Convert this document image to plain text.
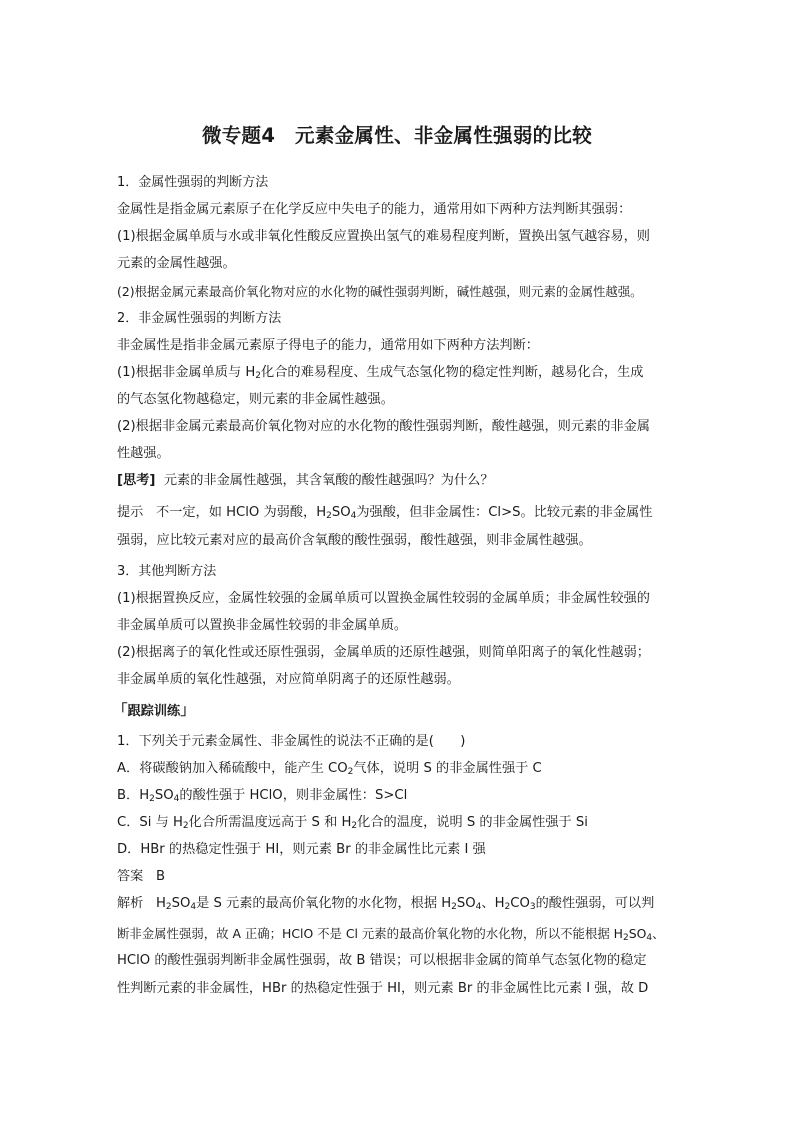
微专题4　元素金属性、非金属性强弱的比较
1．金属性强弱的判断方法
金属性是指金属元素原子在化学反应中失电子的能力，通常用如下两种方法判断其强弱：
(1)根据金属单质与水或非氧化性酸反应置换出氢气的难易程度判断，置换出氢气越容易，则
元素的金属性越强。
(2)根据金属元素最高价氧化物对应的水化物的碱性强弱判断，碱性越强，则元素的金属性越强。
2．非金属性强弱的判断方法
非金属性是指非金属元素原子得电子的能力，通常用如下两种方法判断：
(1)根据非金属单质与 $H_2$化合的难易程度、生成气态氢化物的稳定性判断，越易化合，生成
的气态氢化物越稳定，则元素的非金属性越强。
(2)根据非金属元素最高价氧化物对应的水化物的酸性强弱判断，酸性越强，则元素的非金属
性越强。
[思考] 元素的非金属性越强，其含氧酸的酸性越强吗？为什么？
提示 不一定，如 HClO 为弱酸，$H_2SO_4$为强酸，但非金属性：Cl>S。比较元素的非金属性
强弱，应比较元素对应的最高价含氧酸的酸性强弱，酸性越强，则非金属性越强。
3．其他判断方法
(1)根据置换反应，金属性较强的金属单质可以置换金属性较弱的金属单质；非金属性较强的
非金属单质可以置换非金属性较弱的非金属单质。
(2)根据离子的氧化性或还原性强弱，金属单质的还原性越强，则简单阳离子的氧化性越弱；
非金属单质的氧化性越强，对应简单阴离子的还原性越弱。
「跟踪训练」
1．下列关于元素金属性、非金属性的说法不正确的是(　　)
A．将碳酸钠加入稀硫酸中，能产生 $CO_2$气体，说明 S 的非金属性强于 C
B．$H_2SO_4$的酸性强于 HClO，则非金属性：S>Cl
C．Si 与 $H_2$化合所需温度远高于 S 和 $H_2$化合的温度，说明 S 的非金属性强于 Si
D．HBr 的热稳定性强于 HI，则元素 Br 的非金属性比元素 I 强
答案 B
解析 $H_2SO_4$是 S 元素的最高价氧化物的水化物，根据 $H_2SO_4$、$H_2CO_3$的酸性强弱，可以判
断非金属性强弱，故 A 正确；HClO 不是 Cl 元素的最高价氧化物的水化物，所以不能根据 $H_2SO_4$、
HClO 的酸性强弱判断非金属性强弱，故 B 错误；可以根据非金属的简单气态氢化物的稳定
性判断元素的非金属性，HBr 的热稳定性强于 HI，则元素 Br 的非金属性比元素 I 强，故 D
